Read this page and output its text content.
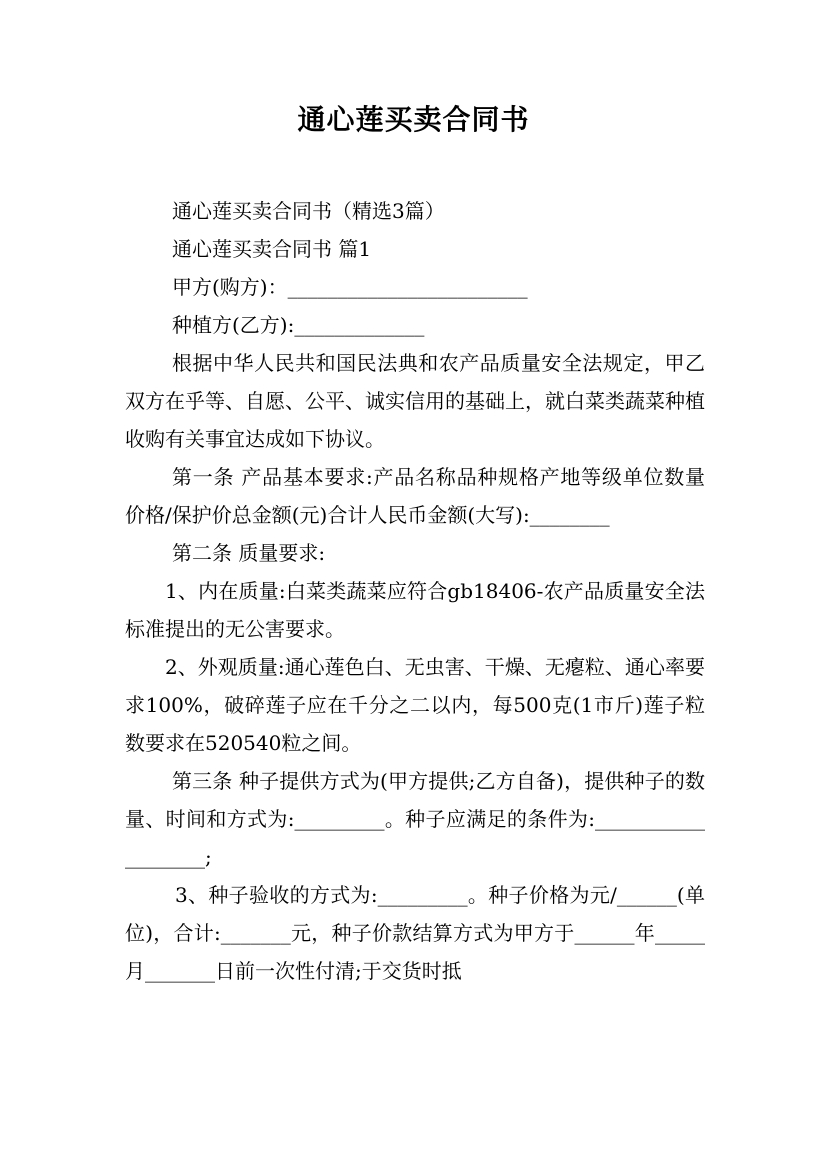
通心莲买卖合同书

通心莲买卖合同书（精选3篇）

通心莲买卖合同书 篇1

甲方(购方)：________________________

种植方(乙方):_____________

根据中华人民共和国民法典和农产品质量安全法规定，甲乙双方在乎等、自愿、公平、诚实信用的基础上，就白菜类蔬菜种植收购有关事宜达成如下协议。

第一条 产品基本要求:产品名称品种规格产地等级单位数量价格/保护价总金额(元)合计人民币金额(大写):________

第二条 质量要求:

1、内在质量:白菜类蔬菜应符合gb18406-农产品质量安全法标准提出的无公害要求。

2、外观质量:通心莲色白、无虫害、干燥、无瘪粒、通心率要求100%，破碎莲子应在千分之二以内，每500克(1市斤)莲子粒数要求在520540粒之间。

第三条 种子提供方式为(甲方提供;乙方自备)，提供种子的数量、时间和方式为:_________。种子应满足的条件为:___________________;

3、种子验收的方式为:_________。种子价格为元/______(单位)，合计:_______元，种子价款结算方式为甲方于______年_____月_______日前一次性付清;于交货时抵
